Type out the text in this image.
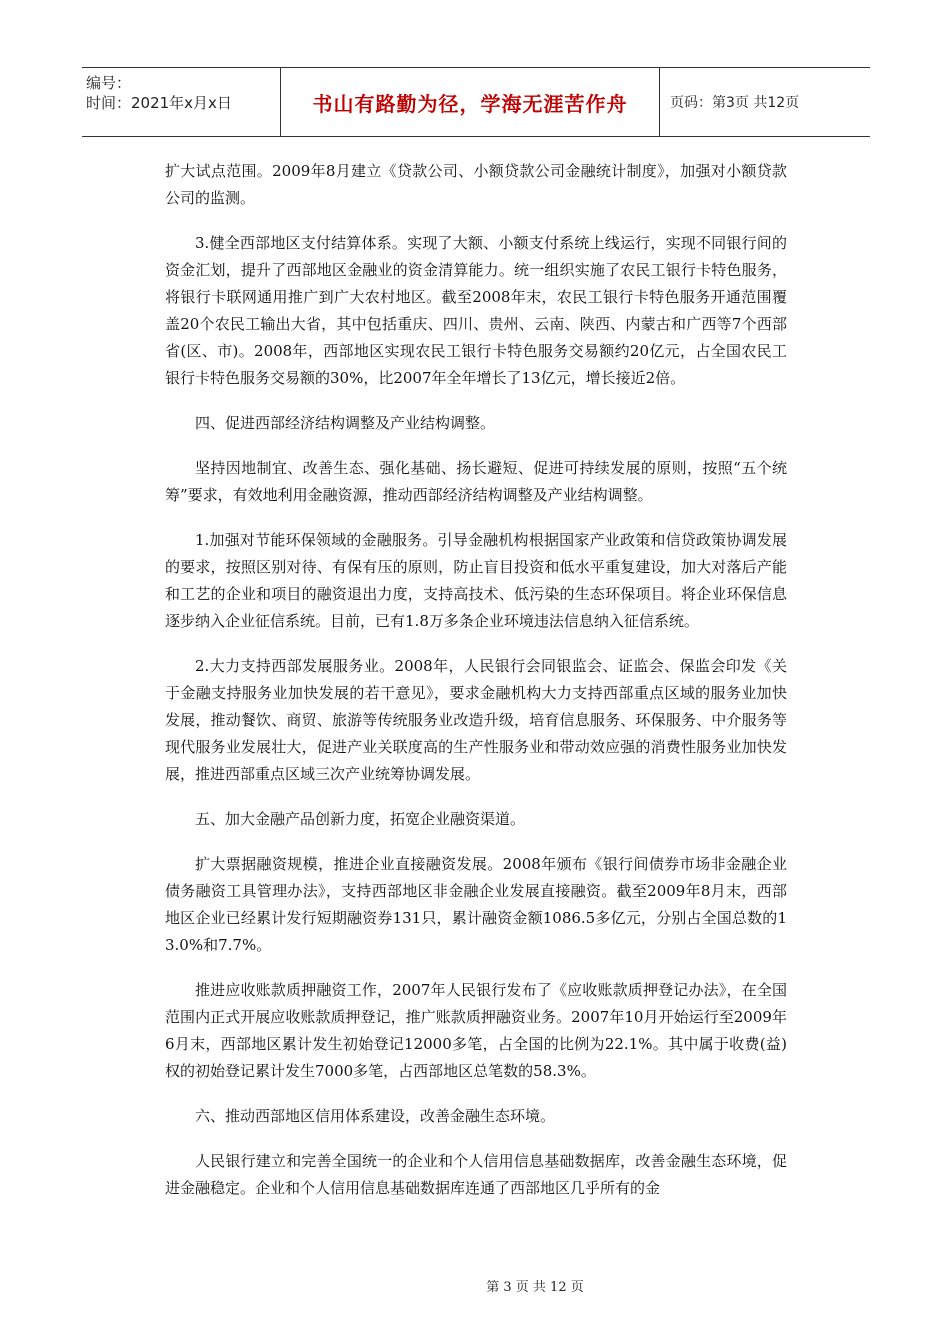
编号：
时间：2021年x月x日	书山有路勤为径，学海无涯苦作舟	页码：第3页 共12页

扩大试点范围。2009年8月建立《贷款公司、小额贷款公司金融统计制度》，加强对小额贷款公司的监测。

3.健全西部地区支付结算体系。实现了大额、小额支付系统上线运行，实现不同银行间的资金汇划，提升了西部地区金融业的资金清算能力。统一组织实施了农民工银行卡特色服务，将银行卡联网通用推广到广大农村地区。截至2008年末，农民工银行卡特色服务开通范围覆盖20个农民工输出大省，其中包括重庆、四川、贵州、云南、陕西、内蒙古和广西等7个西部省(区、市)。2008年，西部地区实现农民工银行卡特色服务交易额约20亿元，占全国农民工银行卡特色服务交易额的30%，比2007年全年增长了13亿元，增长接近2倍。

四、促进西部经济结构调整及产业结构调整。

坚持因地制宜、改善生态、强化基础、扬长避短、促进可持续发展的原则，按照“五个统筹”要求，有效地利用金融资源，推动西部经济结构调整及产业结构调整。

1.加强对节能环保领域的金融服务。引导金融机构根据国家产业政策和信贷政策协调发展的要求，按照区别对待、有保有压的原则，防止盲目投资和低水平重复建设，加大对落后产能和工艺的企业和项目的融资退出力度，支持高技术、低污染的生态环保项目。将企业环保信息逐步纳入企业征信系统。目前，已有1.8万多条企业环境违法信息纳入征信系统。

2.大力支持西部发展服务业。2008年，人民银行会同银监会、证监会、保监会印发《关于金融支持服务业加快发展的若干意见》，要求金融机构大力支持西部重点区域的服务业加快发展，推动餐饮、商贸、旅游等传统服务业改造升级，培育信息服务、环保服务、中介服务等现代服务业发展壮大，促进产业关联度高的生产性服务业和带动效应强的消费性服务业加快发展，推进西部重点区域三次产业统筹协调发展。

五、加大金融产品创新力度，拓宽企业融资渠道。

扩大票据融资规模，推进企业直接融资发展。2008年颁布《银行间债券市场非金融企业债务融资工具管理办法》，支持西部地区非金融企业发展直接融资。截至2009年8月末，西部地区企业已经累计发行短期融资券131只，累计融资金额1086.5多亿元，分别占全国总数的13.0%和7.7%。

推进应收账款质押融资工作，2007年人民银行发布了《应收账款质押登记办法》，在全国范围内正式开展应收账款质押登记，推广账款质押融资业务。2007年10月开始运行至2009年6月末，西部地区累计发生初始登记12000多笔，占全国的比例为22.1%。其中属于收费(益)权的初始登记累计发生7000多笔，占西部地区总笔数的58.3%。

六、推动西部地区信用体系建设，改善金融生态环境。

人民银行建立和完善全国统一的企业和个人信用信息基础数据库，改善金融生态环境，促进金融稳定。企业和个人信用信息基础数据库连通了西部地区几乎所有的金

第 3 页 共 12 页
